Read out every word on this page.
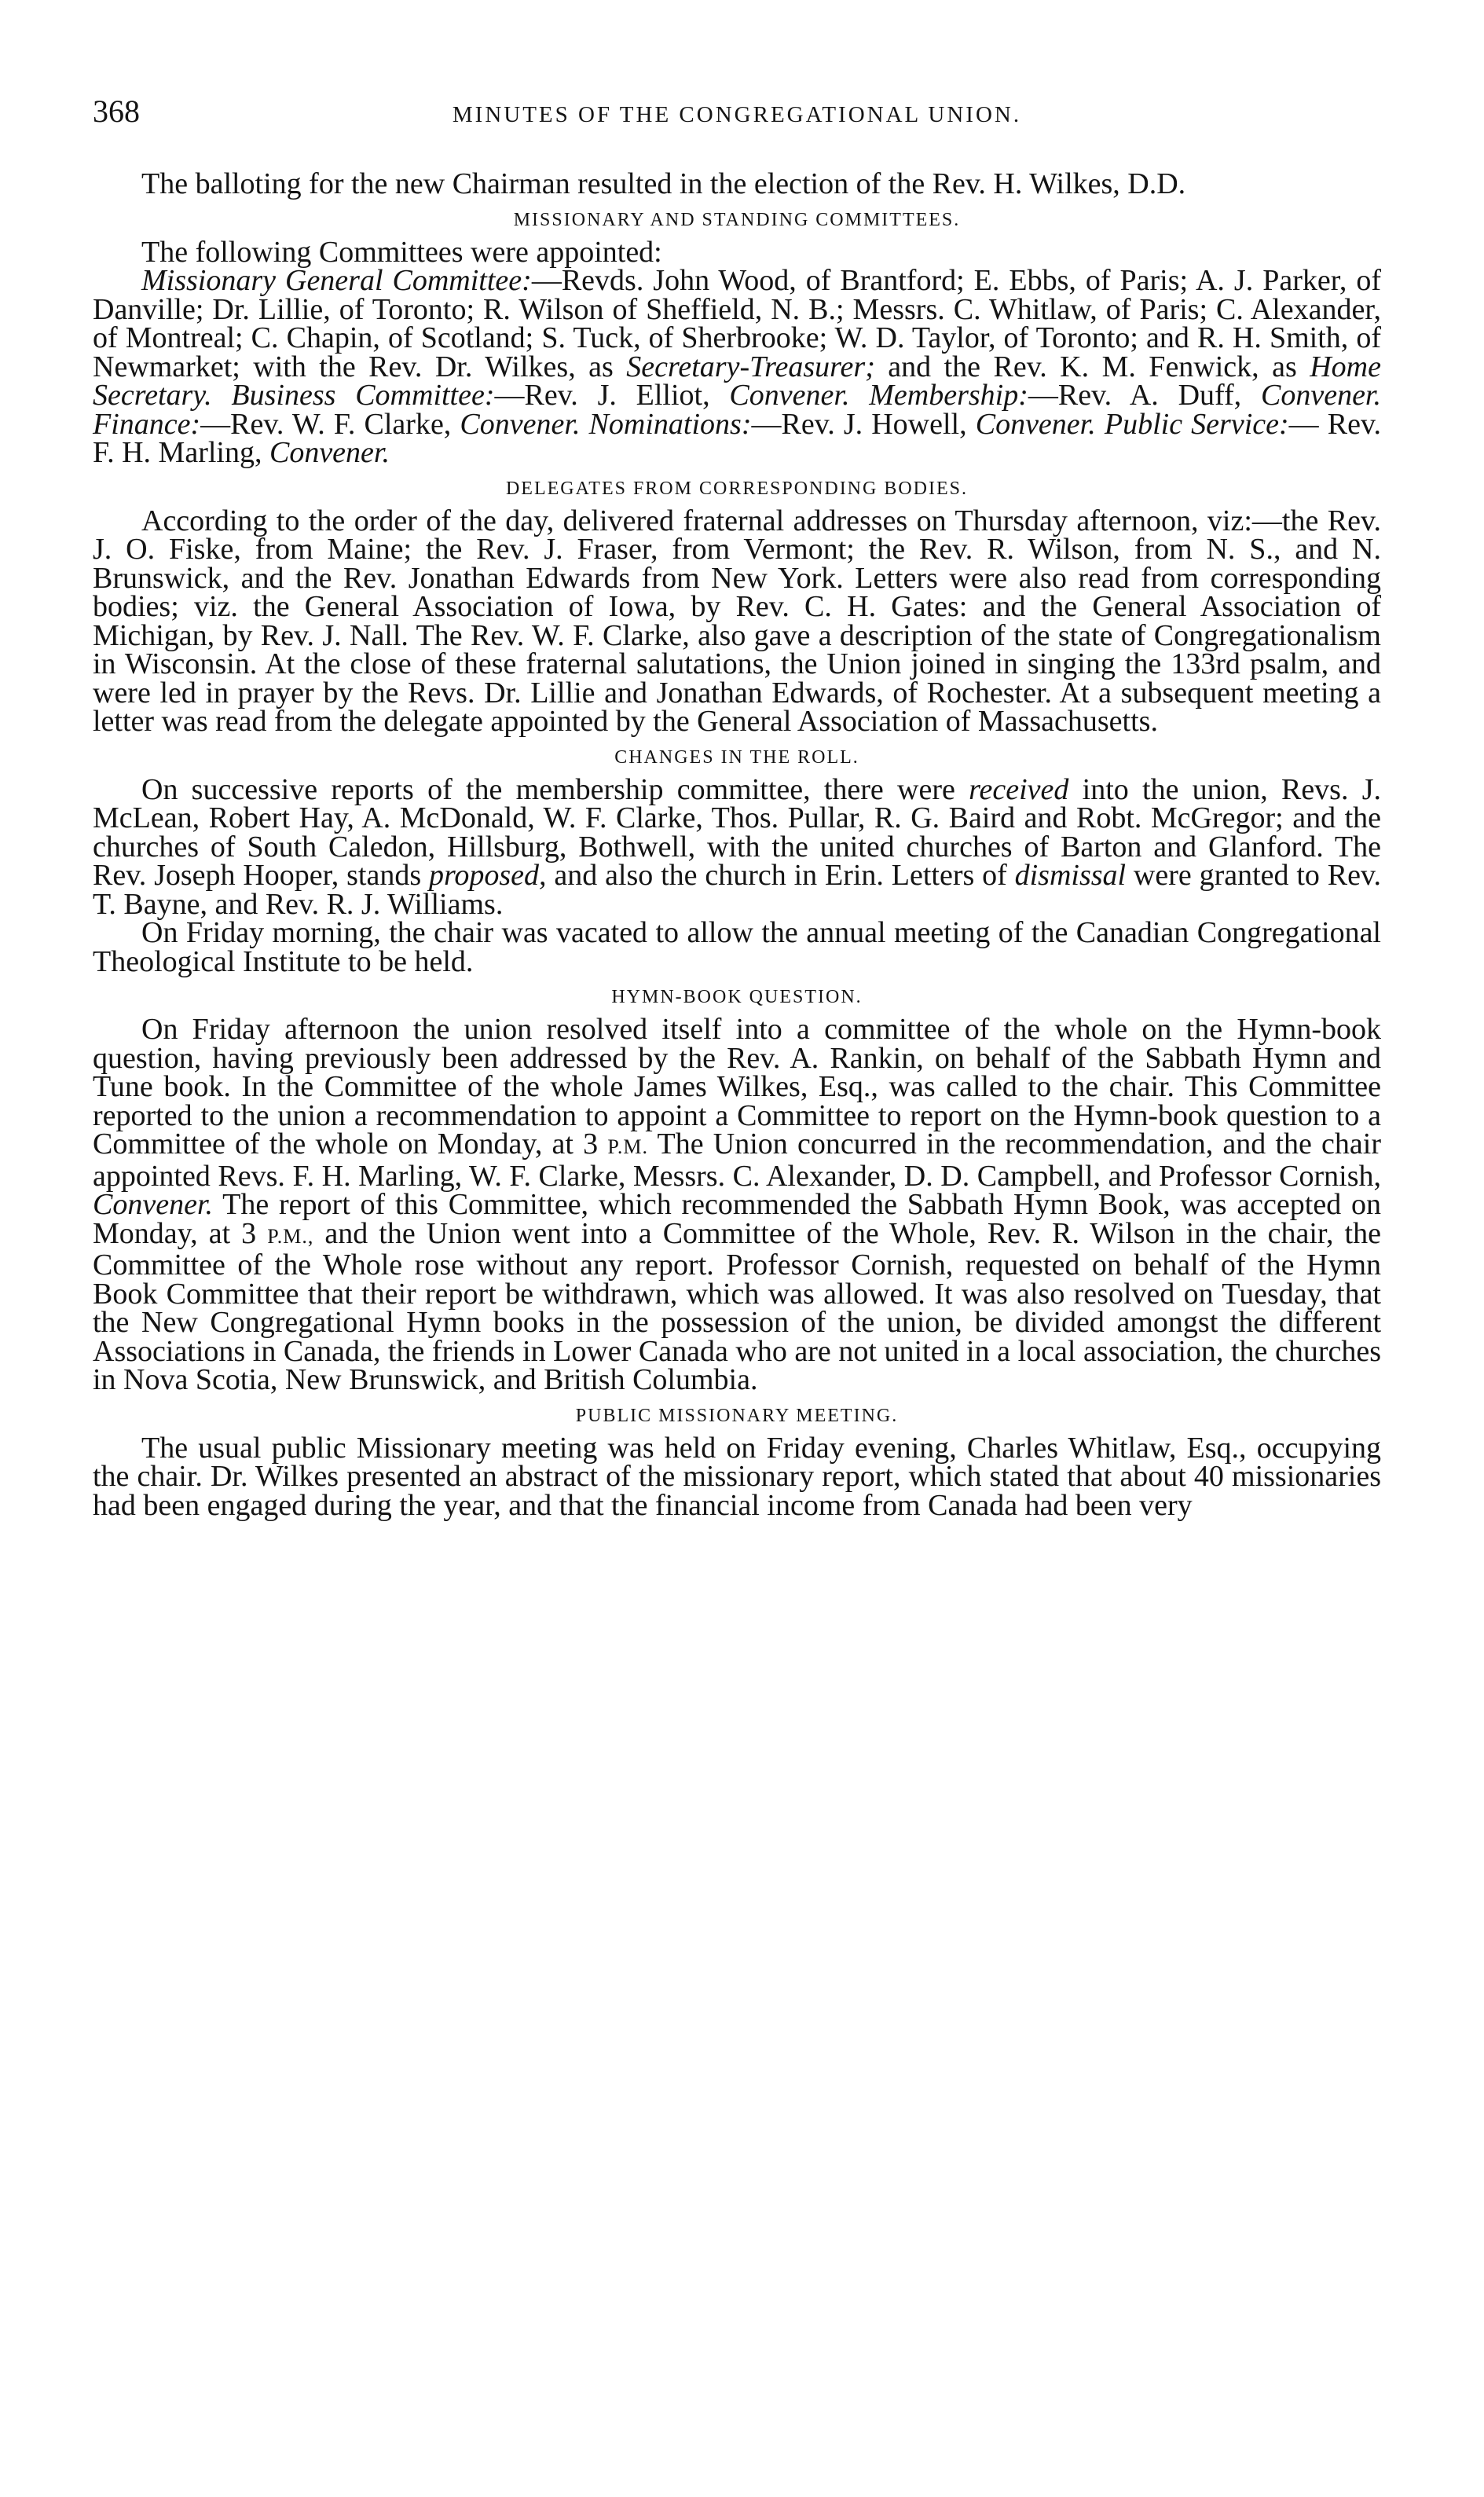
368	MINUTES OF THE CONGREGATIONAL UNION.

The balloting for the new Chairman resulted in the election of the Rev. H. Wilkes, D.D.

MISSIONARY AND STANDING COMMITTEES.

The following Committees were appointed:

Missionary General Committee:—Revds. John Wood, of Brantford; E. Ebbs, of Paris; A. J. Parker, of Danville; Dr. Lillie, of Toronto; R. Wilson of Sheffield, N. B.; Messrs. C. Whitlaw, of Paris; C. Alexander, of Montreal; C. Chapin, of Scotland; S. Tuck, of Sherbrooke; W. D. Taylor, of Toronto; and R. H. Smith, of Newmarket; with the Rev. Dr. Wilkes, as Secretary-Treasurer; and the Rev. K. M. Fenwick, as Home Secretary. Business Committee:—Rev. J. Elliot, Convener. Membership:—Rev. A. Duff, Convener. Finance:—Rev. W. F. Clarke, Convener. Nominations:—Rev. J. Howell, Convener. Public Service:— Rev. F. H. Marling, Convener.

DELEGATES FROM CORRESPONDING BODIES.

According to the order of the day, delivered fraternal addresses on Thursday afternoon, viz:—the Rev. J. O. Fiske, from Maine; the Rev. J. Fraser, from Vermont; the Rev. R. Wilson, from N. S., and N. Brunswick, and the Rev. Jonathan Edwards from New York. Letters were also read from corresponding bodies; viz. the General Association of Iowa, by Rev. C. H. Gates: and the General Association of Michigan, by Rev. J. Nall. The Rev. W. F. Clarke, also gave a description of the state of Congregationalism in Wisconsin. At the close of these fraternal salutations, the Union joined in singing the 133rd psalm, and were led in prayer by the Revs. Dr. Lillie and Jonathan Edwards, of Rochester. At a subsequent meeting a letter was read from the delegate appointed by the General Association of Massachusetts.

CHANGES IN THE ROLL.

On successive reports of the membership committee, there were received into the union, Revs. J. McLean, Robert Hay, A. McDonald, W. F. Clarke, Thos. Pullar, R. G. Baird and Robt. McGregor; and the churches of South Caledon, Hillsburg, Bothwell, with the united churches of Barton and Glanford. The Rev. Joseph Hooper, stands proposed, and also the church in Erin. Letters of dismissal were granted to Rev. T. Bayne, and Rev. R. J. Williams.

On Friday morning, the chair was vacated to allow the annual meeting of the Canadian Congregational Theological Institute to be held.

HYMN-BOOK QUESTION.

On Friday afternoon the union resolved itself into a committee of the whole on the Hymn-book question, having previously been addressed by the Rev. A. Rankin, on behalf of the Sabbath Hymn and Tune book. In the Committee of the whole James Wilkes, Esq., was called to the chair. This Committee reported to the union a recommendation to appoint a Committee to report on the Hymn-book question to a Committee of the whole on Monday, at 3 P.M. The Union concurred in the recommendation, and the chair appointed Revs. F. H. Marling, W. F. Clarke, Messrs. C. Alexander, D. D. Campbell, and Professor Cornish, Convener. The report of this Committee, which recommended the Sabbath Hymn Book, was accepted on Monday, at 3 P.M., and the Union went into a Committee of the Whole, Rev. R. Wilson in the chair, the Committee of the Whole rose without any report. Professor Cornish, requested on behalf of the Hymn Book Committee that their report be withdrawn, which was allowed. It was also resolved on Tuesday, that the New Congregational Hymn books in the possession of the union, be divided amongst the different Associations in Canada, the friends in Lower Canada who are not united in a local association, the churches in Nova Scotia, New Brunswick, and British Columbia.

PUBLIC MISSIONARY MEETING.

The usual public Missionary meeting was held on Friday evening, Charles Whitlaw, Esq., occupying the chair. Dr. Wilkes presented an abstract of the missionary report, which stated that about 40 missionaries had been engaged during the year, and that the financial income from Canada had been very
